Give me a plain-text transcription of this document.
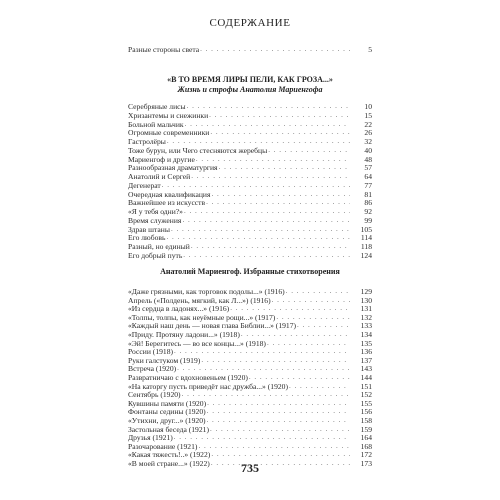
СОДЕРЖАНИЕ
Разные стороны света . . .	5
«В ТО ВРЕМЯ ЛИРЫ ПЕЛИ, КАК ГРОЗА...»
Жизнь и строфы Анатолия Мариенгофа
Серебряные лисы . . .	10
Хризантемы и снежинки . . .	15
Больной мальчик . . .	22
Огромные современники . . .	26
Гастролёры . . .	32
Тоже бурун, или Чего стесняются жеребцы . . .	40
Мариенгоф и другие . . .	48
Разнообразная драматургия . . .	57
Анатолий и Сергей . . .	64
Дегенерат . . .	77
Очередная квалификация . . .	81
Важнейшее из искусств . . .	86
«Я у тебя одни?» . . .	92
Время служения . . .	99
Здрав штаны . . .	105
Его любовь . . .	114
Разный, но единый . . .	118
Его добрый путь . . .	124
Анатолий Мариенгоф. Избранные стихотворения
«Даже грязными, как торговок подолы...» (1916) . . .	129
Апрель («Полдень, мягкий, как Л...») (1916) . . .	130
«Из сердца в ладонях...» (1916) . . .	131
«Толпы, толпы, как неуёмные рощи...» (1917) . . .	132
«Каждый наш день — новая глава Библии...» (1917) . . .	133
«Приду. Протяну ладони...» (1918) . . .	134
«Эй! Берегитесь — во все концы...» (1918) . . .	135
России (1918) . . .	136
Руки галстуком (1919) . . .	137
Встреча (1920) . . .	143
Развратничаю с вдохновеньем (1920) . . .	144
«На каторгу пусть приведёт нас дружба...» (1920) . . .	151
Сентябрь (1920) . . .	152
Кувшины памяти (1920) . . .	155
Фонтаны седины (1920) . . .	156
«Утихни, друг...» (1920) . . .	158
Застольная беседа (1921) . . .	159
Друзья (1921) . . .	164
Разочарование (1921) . . .	168
«Какая тяжесть!..» (1922) . . .	172
«В моей стране...» (1922) . . .	173
735
